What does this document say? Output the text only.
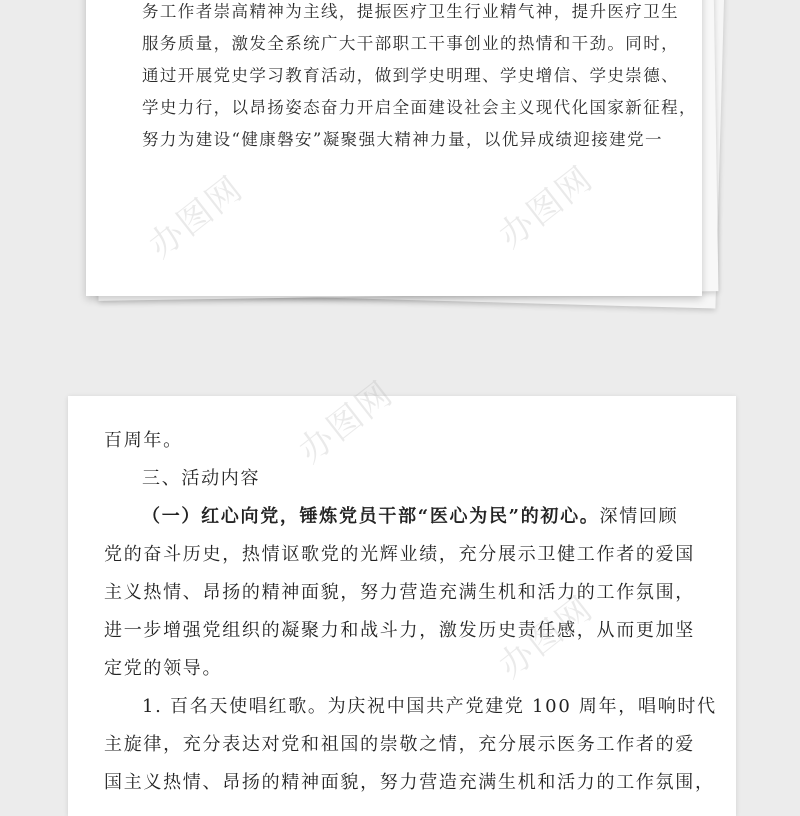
务工作者崇高精神为主线，提振医疗卫生行业精气神，提升医疗卫生
服务质量，激发全系统广大干部职工干事创业的热情和干劲。同时，
通过开展党史学习教育活动，做到学史明理、学史增信、学史崇德、
学史力行，以昂扬姿态奋力开启全面建设社会主义现代化国家新征程，
努力为建设“健康磐安”凝聚强大精神力量，以优异成绩迎接建党一
百周年。
三、活动内容
（一）红心向党，锤炼党员干部“医心为民”的初心。深情回顾
党的奋斗历史，热情讴歌党的光辉业绩，充分展示卫健工作者的爱国
主义热情、昂扬的精神面貌，努力营造充满生机和活力的工作氛围，
进一步增强党组织的凝聚力和战斗力，激发历史责任感，从而更加坚
定党的领导。
1. 百名天使唱红歌。为庆祝中国共产党建党 100 周年，唱响时代
主旋律，充分表达对党和祖国的崇敬之情，充分展示医务工作者的爱
国主义热情、昂扬的精神面貌，努力营造充满生机和活力的工作氛围，
办图网	办图网
办图网
办图网
